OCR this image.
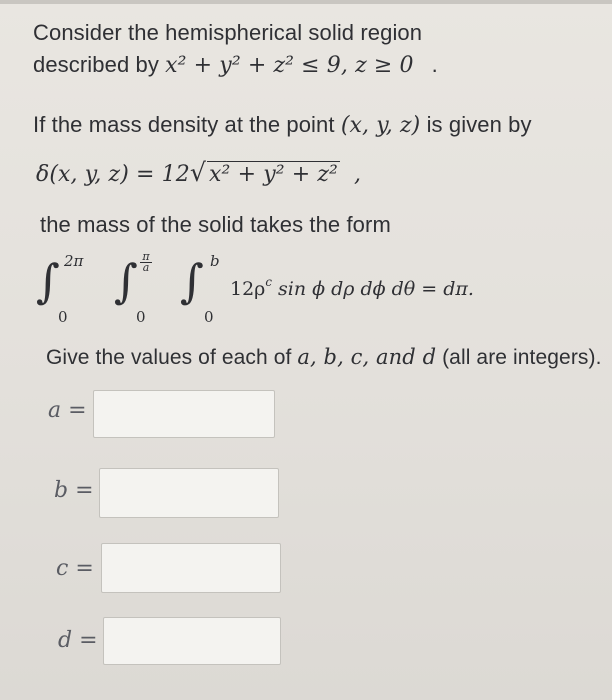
Consider the hemispherical solid region
described by x² + y² + z² ≤ 9, z ≥ 0 .
If the mass density at the point (x, y, z) is given by
δ(x, y, z) = 12√ x² + y² + z² ,
the mass of the solid takes the form
∫ 2π
0
∫ $\frac{\pi}{a}$
0
∫ b
0
$12\rho^c$ sin ϕ dρ dϕ dθ = dπ.
Give the values of each of a, b, c, and d (all are integers).
a =
b =
c =
d =
